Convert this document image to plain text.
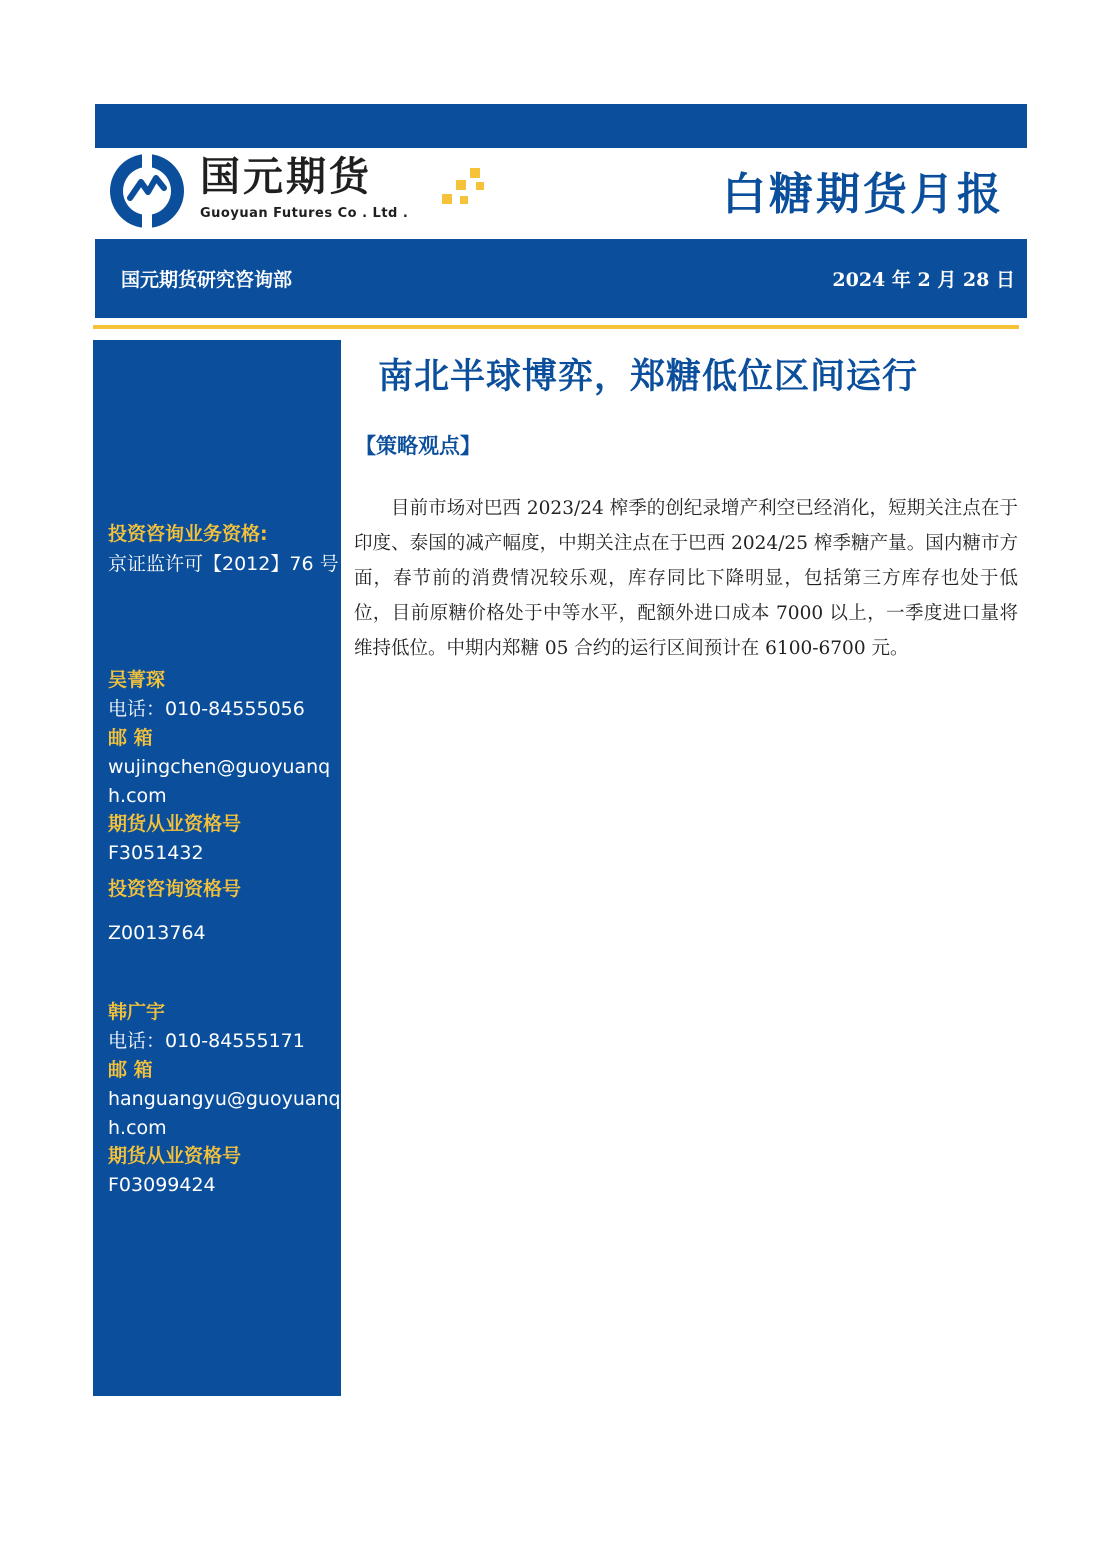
国元期货
Guoyuan Futures Co . Ltd .	白糖期货月报
国元期货研究咨询部	2024 年 2 月 28 日
投资咨询业务资格:
京证监许可【2012】76 号
吴菁琛
电话：010-84555056
邮 箱
wujingchen@guoyuanq
h.com
期货从业资格号
F3051432
投资咨询资格号
Z0013764
韩广宇
电话：010-84555171
邮 箱
hanguangyu@guoyuanq
h.com
期货从业资格号
F03099424
南北半球博弈，郑糖低位区间运行
【策略观点】
目前市场对巴西 2023/24 榨季的创纪录增产利空已经消化，短期关注点在于印度、泰国的减产幅度，中期关注点在于巴西 2024/25 榨季糖产量。国内糖市方面，春节前的消费情况较乐观，库存同比下降明显，包括第三方库存也处于低位，目前原糖价格处于中等水平，配额外进口成本 7000 以上，一季度进口量将维持低位。中期内郑糖 05 合约的运行区间预计在 6100-6700 元。
